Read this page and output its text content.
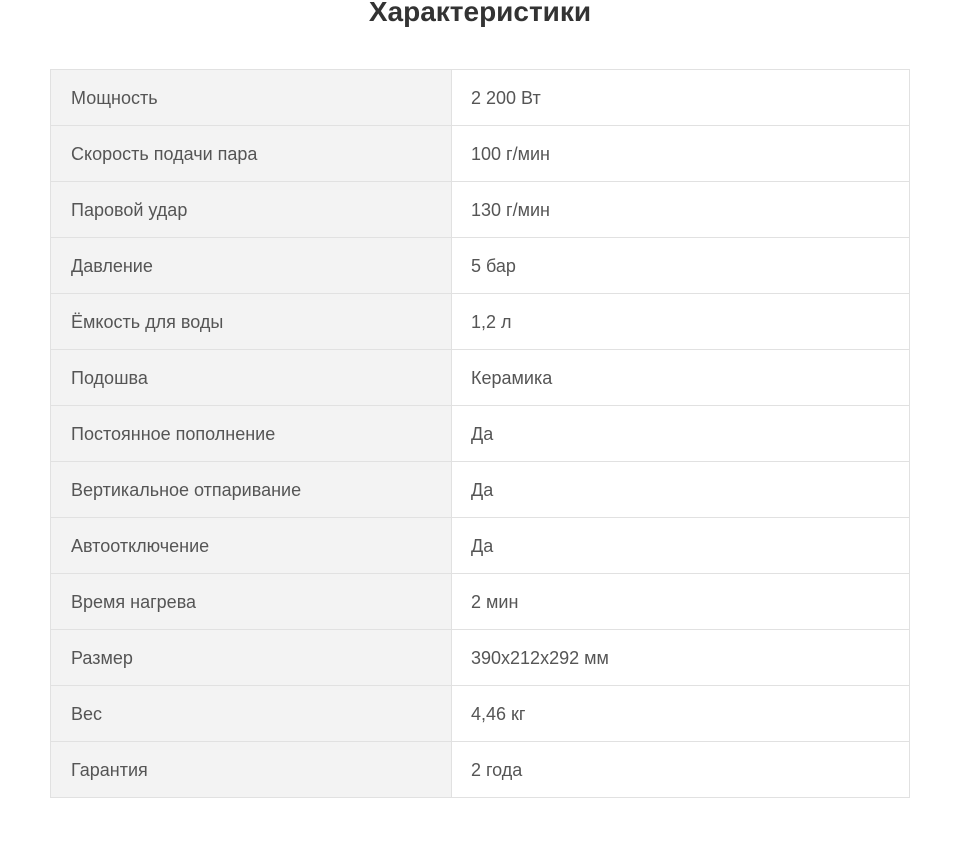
Характеристики
Мощность	2 200 Вт
Скорость подачи пара	100 г/мин
Паровой удар	130 г/мин
Давление	5 бар
Ёмкость для воды	1,2 л
Подошва	Керамика
Постоянное пополнение	Да
Вертикальное отпаривание	Да
Автоотключение	Да
Время нагрева	2 мин
Размер	390x212x292 мм
Вес	4,46 кг
Гарантия	2 года
